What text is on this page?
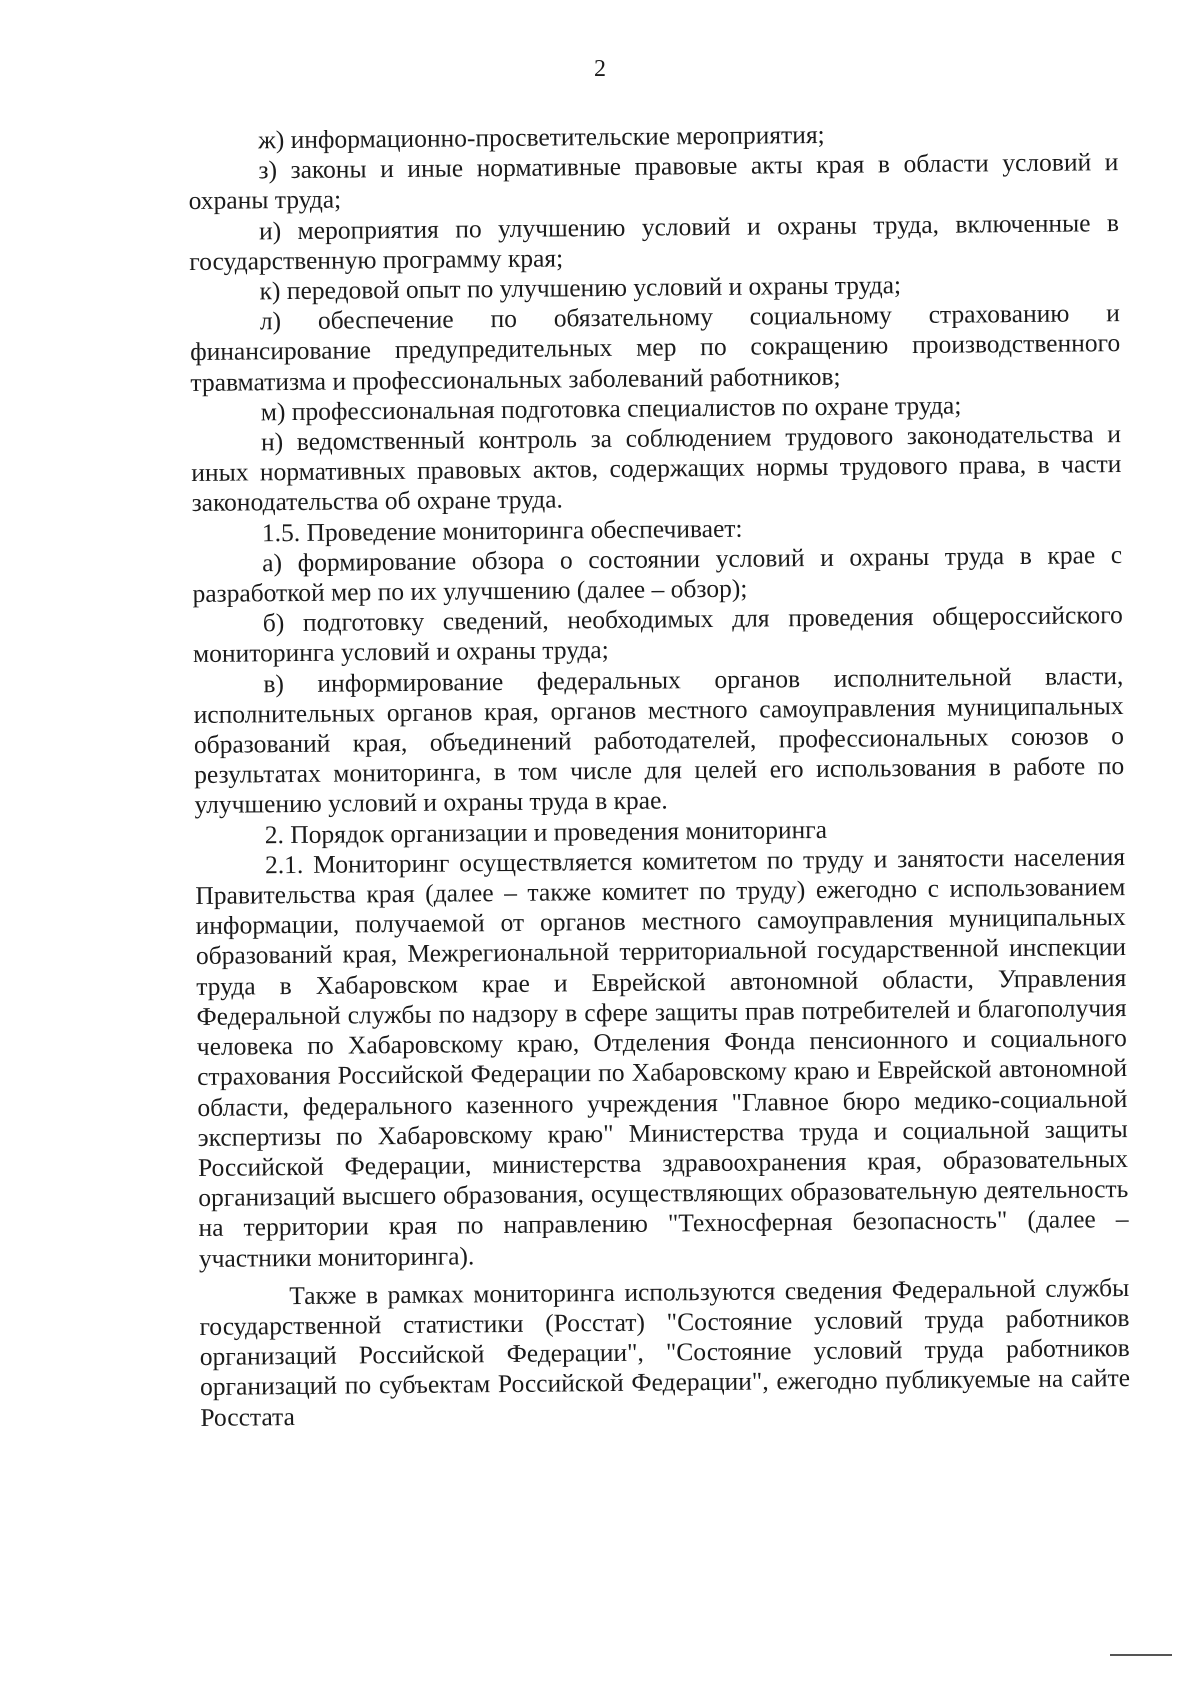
2

ж) информационно-просветительские мероприятия;

з) законы и иные нормативные правовые акты края в области условий и охраны труда;

и) мероприятия по улучшению условий и охраны труда, включенные в государственную программу края;

к) передовой опыт по улучшению условий и охраны труда;

л) обеспечение по обязательному социальному страхованию и финансирование предупредительных мер по сокращению производственного травматизма и профессиональных заболеваний работников;

м) профессиональная подготовка специалистов по охране труда;

н) ведомственный контроль за соблюдением трудового законодательства и иных нормативных правовых актов, содержащих нормы трудового права, в части законодательства об охране труда.

1.5. Проведение мониторинга обеспечивает:

а) формирование обзора о состоянии условий и охраны труда в крае с разработкой мер по их улучшению (далее – обзор);

б) подготовку сведений, необходимых для проведения общероссийского мониторинга условий и охраны труда;

в) информирование федеральных органов исполнительной власти, исполнительных органов края, органов местного самоуправления муниципальных образований края, объединений работодателей, профессиональных союзов о результатах мониторинга, в том числе для целей его использования в работе по улучшению условий и охраны труда в крае.

2. Порядок организации и проведения мониторинга

2.1. Мониторинг осуществляется комитетом по труду и занятости населения Правительства края (далее – также комитет по труду) ежегодно с использованием информации, получаемой от органов местного самоуправления муниципальных образований края, Межрегиональной территориальной государственной инспекции труда в Хабаровском крае и Еврейской автономной области, Управления Федеральной службы по надзору в сфере защиты прав потребителей и благополучия человека по Хабаровскому краю, Отделения Фонда пенсионного и социального страхования Российской Федерации по Хабаровскому краю и Еврейской автономной области, федерального казенного учреждения "Главное бюро медико-социальной экспертизы по Хабаровскому краю" Министерства труда и социальной защиты Российской Федерации, министерства здравоохранения края, образовательных организаций высшего образования, осуществляющих образовательную деятельность на территории края по направлению "Техносферная безопасность" (далее – участники мониторинга).

Также в рамках мониторинга используются сведения Федеральной службы государственной статистики (Росстат) "Состояние условий труда работников организаций Российской Федерации", "Состояние условий труда работников организаций по субъектам Российской Федерации", ежегодно публикуемые на сайте Росстата
